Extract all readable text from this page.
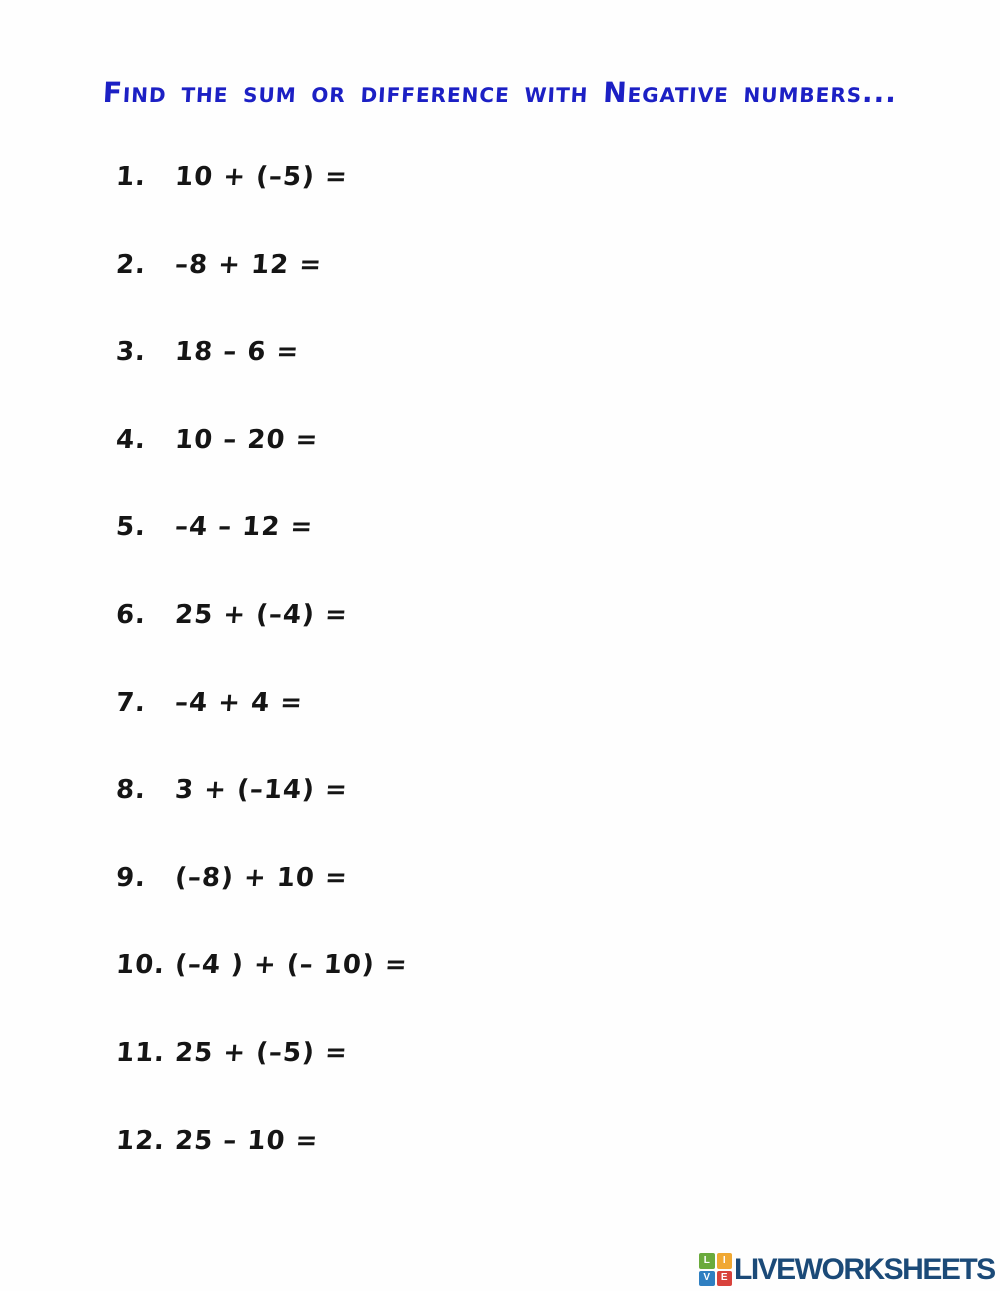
Find the sum or difference with Negative numbers...
1. 10 + (–5) =
2. –8 + 12 =
3. 18 – 6 =
4. 10 – 20 =
5. –4 – 12 =
6. 25 + (–4) =
7. –4 + 4 =
8. 3 + (–14) =
9. (–8) + 10 =
10. (–4 ) + (– 10) =
11. 25 + (–5) =
12. 25 – 10 =
L	I
V	E LIVEWORKSHEETS
